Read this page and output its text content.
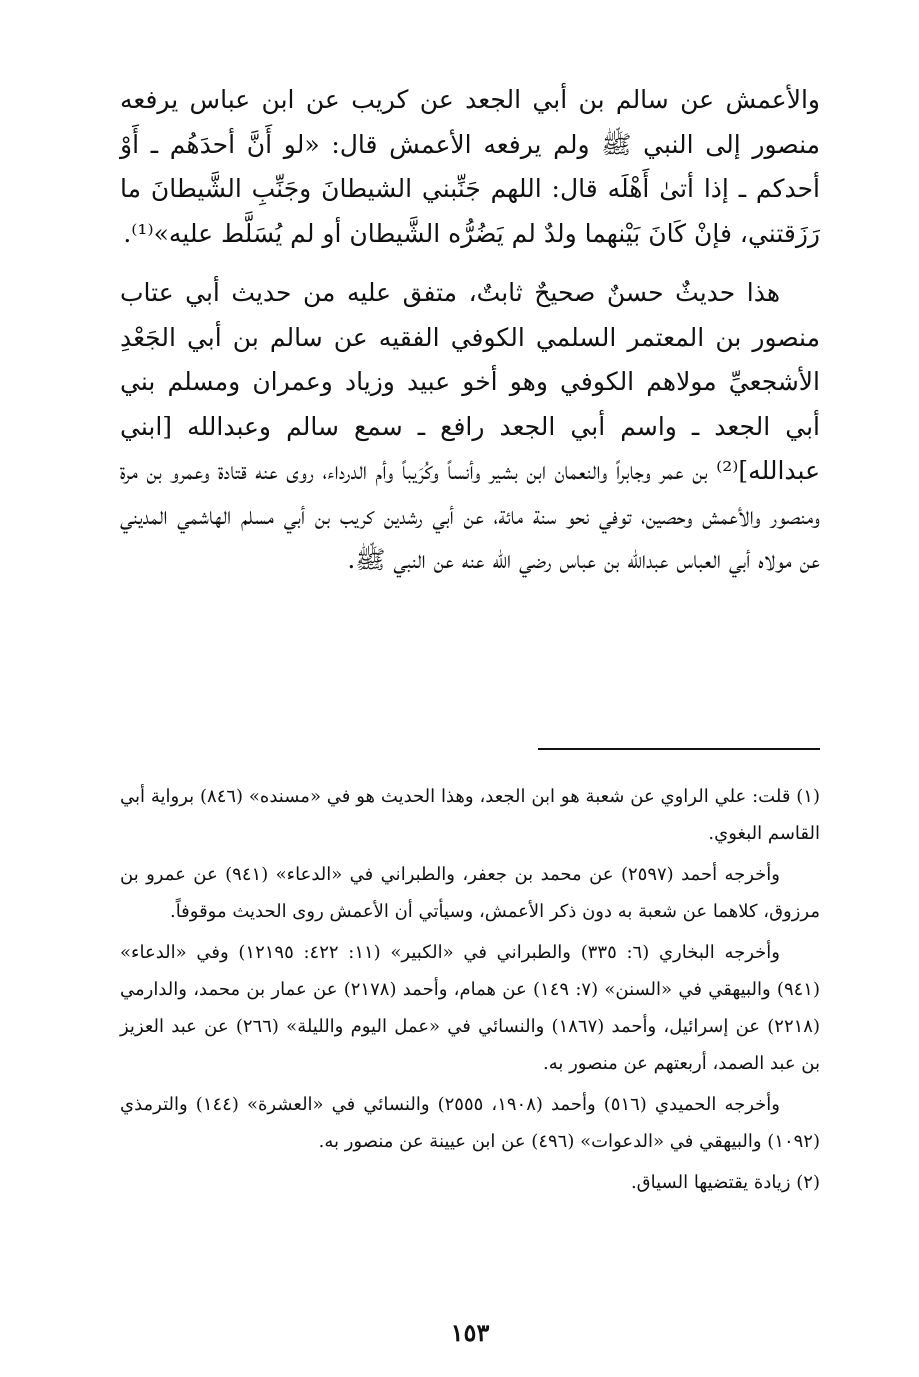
والأعمش عن سالم بن أبي الجعد عن كريب عن ابن عباس يرفعه منصور إلى النبي ﷺ ولم يرفعه الأعمش قال: «لو أَنَّ أحدَهُم ـ أَوْ أحدكم ـ إذا أتىٰ أَهْلَه قال: اللهم جَنِّبني الشيطانَ وجَنِّبِ الشَّيطانَ ما رَزَقتني، فإنْ كَانَ بَيْنهما ولدٌ لم يَضُرُّه الشَّيطان أو لم يُسَلَّط عليه»⁽¹⁾.

هذا حديثٌ حسنٌ صحيحٌ ثابتٌ، متفق عليه من حديث أبي عتاب منصور بن المعتمر السلمي الكوفي الفقيه عن سالم بن أبي الجَعْدِ الأشجعيِّ مولاهم الكوفي وهو أخو عبيد وزياد وعمران ومسلم بني أبي الجعد ـ واسم أبي الجعد رافع ـ سمع سالم وعبدالله [ابني عبدالله]⁽²⁾ بن عمر وجابراً والنعمان ابن بشير وأنساً وكُرَيباً وأم الدرداء، روى عنه قتادة وعمرو بن مرة ومنصور والأعمش وحصين، توفي نحو سنة مائة، عن أبي رشدين كريب بن أبي مسلم الهاشمي المديني عن مولاه أبي العباس عبدالله بن عباس رضي الله عنه عن النبي ﷺ.

(١) قلت: علي الراوي عن شعبة هو ابن الجعد، وهذا الحديث هو في «مسنده» (٨٤٦) برواية أبي القاسم البغوي.

وأخرجه أحمد (٢٥٩٧) عن محمد بن جعفر، والطبراني في «الدعاء» (٩٤١) عن عمرو بن مرزوق، كلاهما عن شعبة به دون ذكر الأعمش، وسيأتي أن الأعمش روى الحديث موقوفاً.

وأخرجه البخاري (٦: ٣٣٥) والطبراني في «الكبير» (١١: ٤٢٢: ١٢١٩٥) وفي «الدعاء» (٩٤١) والبيهقي في «السنن» (٧: ١٤٩) عن همام، وأحمد (٢١٧٨) عن عمار بن محمد، والدارمي (٢٢١٨) عن إسرائيل، وأحمد (١٨٦٧) والنسائي في «عمل اليوم والليلة» (٢٦٦) عن عبد العزيز بن عبد الصمد، أربعتهم عن منصور به.

وأخرجه الحميدي (٥١٦) وأحمد (١٩٠٨، ٢٥٥٥) والنسائي في «العشرة» (١٤٤) والترمذي (١٠٩٢) والبيهقي في «الدعوات» (٤٩٦) عن ابن عيينة عن منصور به.

(٢) زيادة يقتضيها السياق.

١٥٣
